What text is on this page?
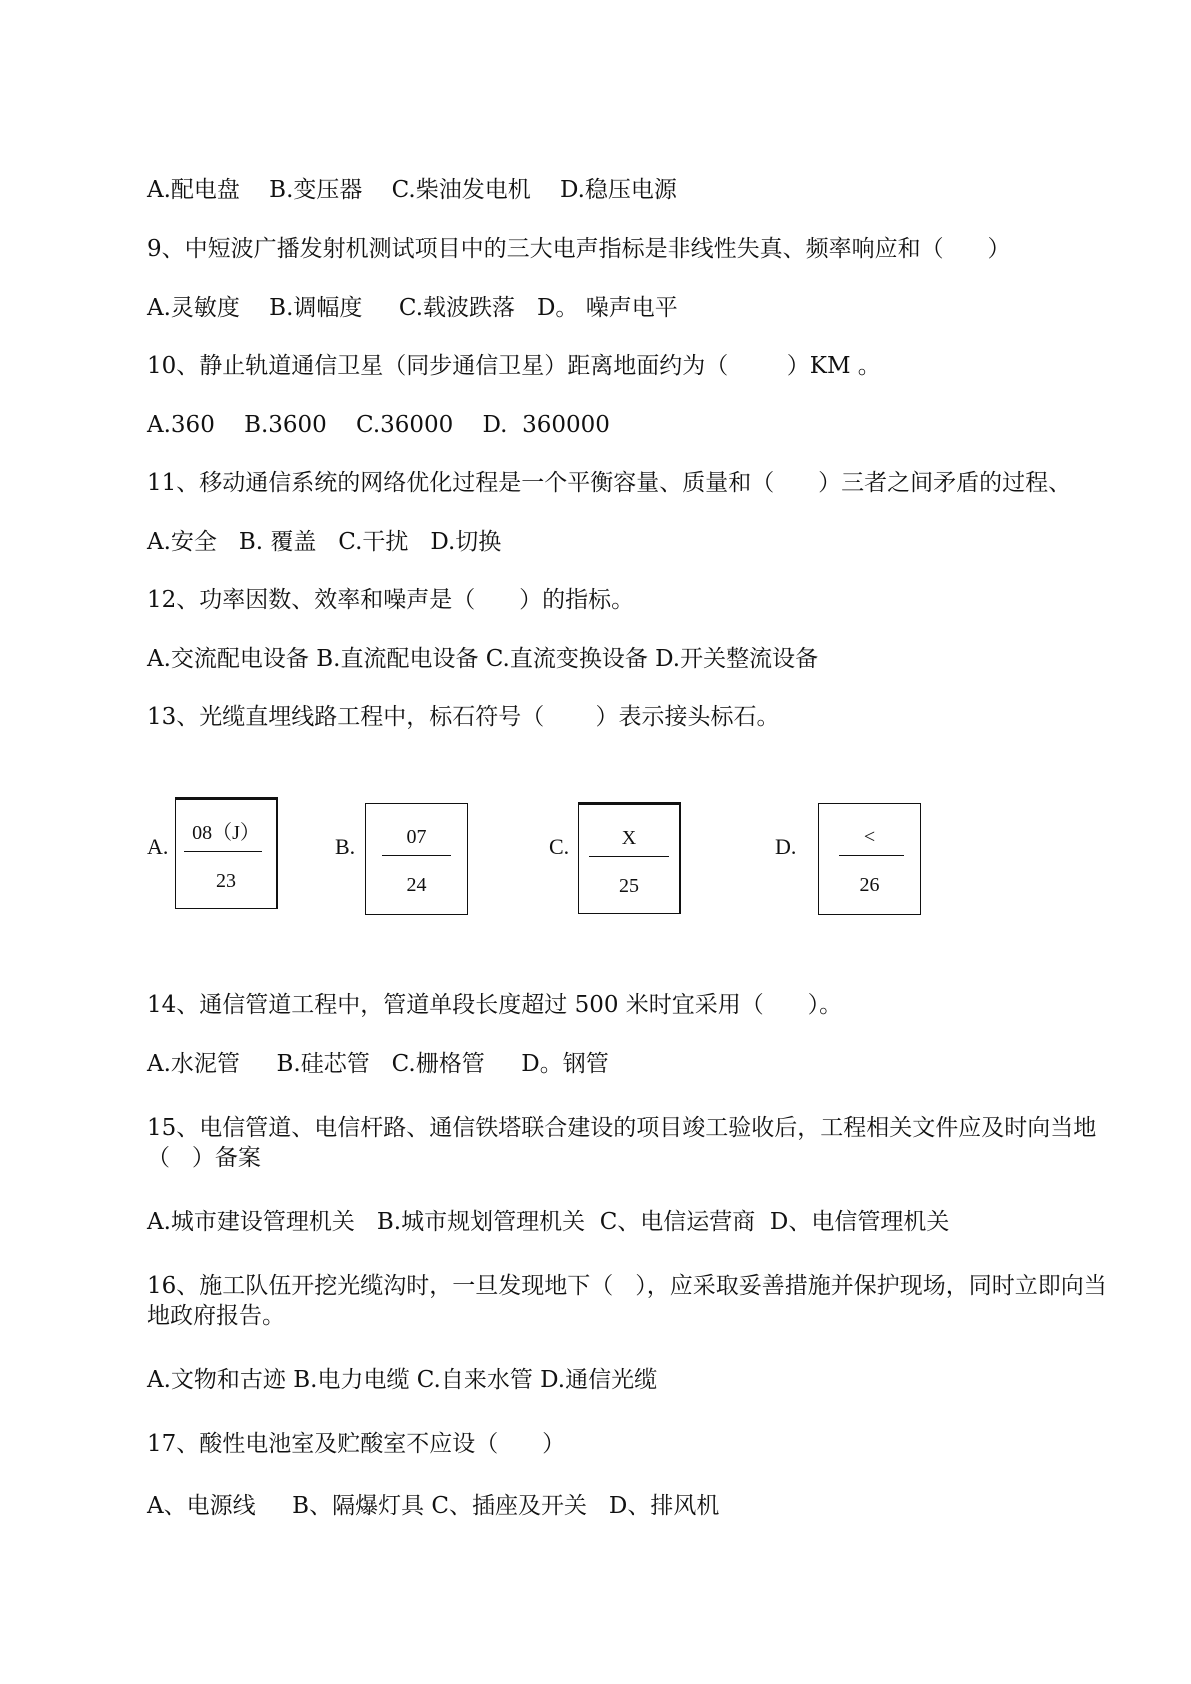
A.配电盘    B.变压器    C.柴油发电机    D.稳压电源
9、中短波广播发射机测试项目中的三大电声指标是非线性失真、频率响应和（      ）
A.灵敏度    B.调幅度     C.载波跌落   D。 噪声电平
10、静止轨道通信卫星（同步通信卫星）距离地面约为（        ）KM 。
A.360    B.3600    C.36000    D.  360000
11、移动通信系统的网络优化过程是一个平衡容量、质量和（      ）三者之间矛盾的过程、
A.安全   B. 覆盖   C.干扰   D.切换
12、功率因数、效率和噪声是（      ）的指标。
A.交流配电设备 B.直流配电设备 C.直流变换设备 D.开关整流设备
13、光缆直埋线路工程中，标石符号（       ）表示接头标石。
A.
08（J）
23
B.	07
24
C.	X
25
D.	<
26
14、通信管道工程中，管道单段长度超过 500 米时宜采用（      ）。
A.水泥管     B.硅芯管   C.栅格管     D。钢管
15、电信管道、电信杆路、通信铁塔联合建设的项目竣工验收后，工程相关文件应及时向当地（   ）备案
A.城市建设管理机关   B.城市规划管理机关  C、电信运营商  D、电信管理机关
16、施工队伍开挖光缆沟时，一旦发现地下（   ），应采取妥善措施并保护现场，同时立即向当地政府报告。
A.文物和古迹 B.电力电缆 C.自来水管 D.通信光缆
17、酸性电池室及贮酸室不应设（      ）
A、电源线     B、隔爆灯具 C、插座及开关   D、排风机
